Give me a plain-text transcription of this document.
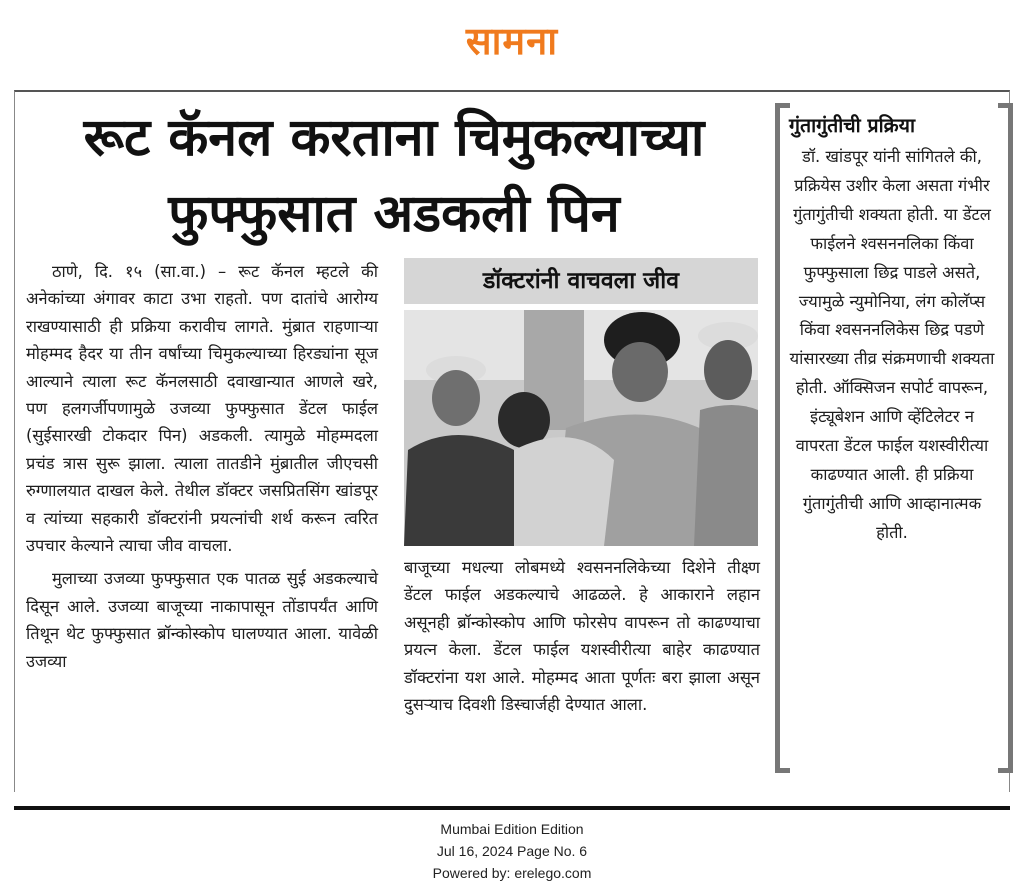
सामना
रूट कॅनल करताना चिमुकल्याच्या
फुफ्फुसात अडकली पिन

ठाणे, दि. १५ (सा.वा.) – रूट कॅनल म्हटले की अनेकांच्या अंगावर काटा उभा राहतो. पण दातांचे आरोग्य राखण्यासाठी ही प्रक्रिया करावीच लागते. मुंब्रात राहणाऱ्या मोहम्मद हैदर या तीन वर्षांच्या चिमुकल्याच्या हिरड्यांना सूज आल्याने त्याला रूट कॅनलसाठी दवाखान्यात आणले खरे, पण हलगर्जीपणामुळे उजव्या फुफ्फुसात डेंटल फाईल (सुईसारखी टोकदार पिन) अडकली. त्यामुळे मोहम्मदला प्रचंड त्रास सुरू झाला. त्याला तातडीने मुंब्रातील जीएचसी रुग्णालयात दाखल केले. तेथील डॉक्टर जसप्रितसिंग खांडपूर व त्यांच्या सहकारी डॉक्टरांनी प्रयत्नांची शर्थ करून त्वरित उपचार केल्याने त्याचा जीव वाचला.

मुलाच्या उजव्या फुफ्फुसात एक पातळ सुई अडकल्याचे दिसून आले. उजव्या बाजूच्या नाकापासून तोंडापर्यंत आणि तिथून थेट फुफ्फुसात ब्रॉन्कोस्कोप घालण्यात आला. यावेळी उजव्या

डॉक्टरांनी वाचवला जीव

बाजूच्या मधल्या लोबमध्ये श्वसननलिकेच्या दिशेने तीक्ष्ण डेंटल फाईल अडकल्याचे आढळले. हे आकाराने लहान असूनही ब्रॉन्कोस्कोप आणि फोरसेप वापरून तो काढण्याचा प्रयत्न केला. डेंटल फाईल यशस्वीरीत्या बाहेर काढण्यात डॉक्टरांना यश आले. मोहम्मद आता पूर्णतः बरा झाला असून दुसऱ्याच दिवशी डिस्चार्जही देण्यात आला.

गुंतागुंतीची प्रक्रिया
डॉ. खांडपूर यांनी सांगितले की, प्रक्रियेस उशीर केला असता गंभीर गुंतागुंतीची शक्यता होती. या डेंटल फाईलने श्वसननलिका किंवा फुफ्फुसाला छिद्र पाडले असते, ज्यामुळे न्युमोनिया, लंग कोलॅप्स किंवा श्वसननलिकेस छिद्र पडणे यांसारख्या तीव्र संक्रमणाची शक्यता होती. ऑक्सिजन सपोर्ट वापरून, इंट्यूबेशन आणि व्हेंटिलेटर न वापरता डेंटल फाईल यशस्वीरीत्या काढण्यात आली. ही प्रक्रिया गुंतागुंतीची आणि आव्हानात्मक होती.
Mumbai Edition Edition
Jul 16, 2024 Page No. 6
Powered by: erelego.com
